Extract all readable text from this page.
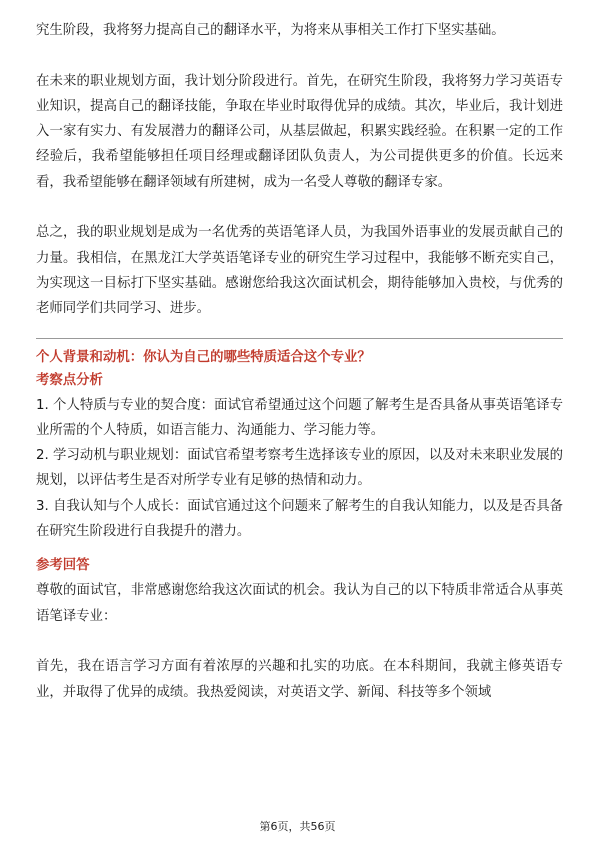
究生阶段，我将努力提高自己的翻译水平，为将来从事相关工作打下坚实基础。

在未来的职业规划方面，我计划分阶段进行。首先，在研究生阶段，我将努力学习英语专业知识，提高自己的翻译技能，争取在毕业时取得优异的成绩。其次，毕业后，我计划进入一家有实力、有发展潜力的翻译公司，从基层做起，积累实践经验。在积累一定的工作经验后，我希望能够担任项目经理或翻译团队负责人，为公司提供更多的价值。长远来看，我希望能够在翻译领域有所建树，成为一名受人尊敬的翻译专家。

总之，我的职业规划是成为一名优秀的英语笔译人员，为我国外语事业的发展贡献自己的力量。我相信，在黑龙江大学英语笔译专业的研究生学习过程中，我能够不断充实自己，为实现这一目标打下坚实基础。感谢您给我这次面试机会，期待能够加入贵校，与优秀的老师同学们共同学习、进步。

个人背景和动机：你认为自己的哪些特质适合这个专业？

考察点分析

1. 个人特质与专业的契合度：面试官希望通过这个问题了解考生是否具备从事英语笔译专业所需的个人特质，如语言能力、沟通能力、学习能力等。

2. 学习动机与职业规划：面试官希望考察考生选择该专业的原因，以及对未来职业发展的规划，以评估考生是否对所学专业有足够的热情和动力。

3. 自我认知与个人成长：面试官通过这个问题来了解考生的自我认知能力，以及是否具备在研究生阶段进行自我提升的潜力。

参考回答

尊敬的面试官，非常感谢您给我这次面试的机会。我认为自己的以下特质非常适合从事英语笔译专业：

首先，我在语言学习方面有着浓厚的兴趣和扎实的功底。在本科期间，我就主修英语专业，并取得了优异的成绩。我热爱阅读，对英语文学、新闻、科技等多个领域

第6页，共56页
